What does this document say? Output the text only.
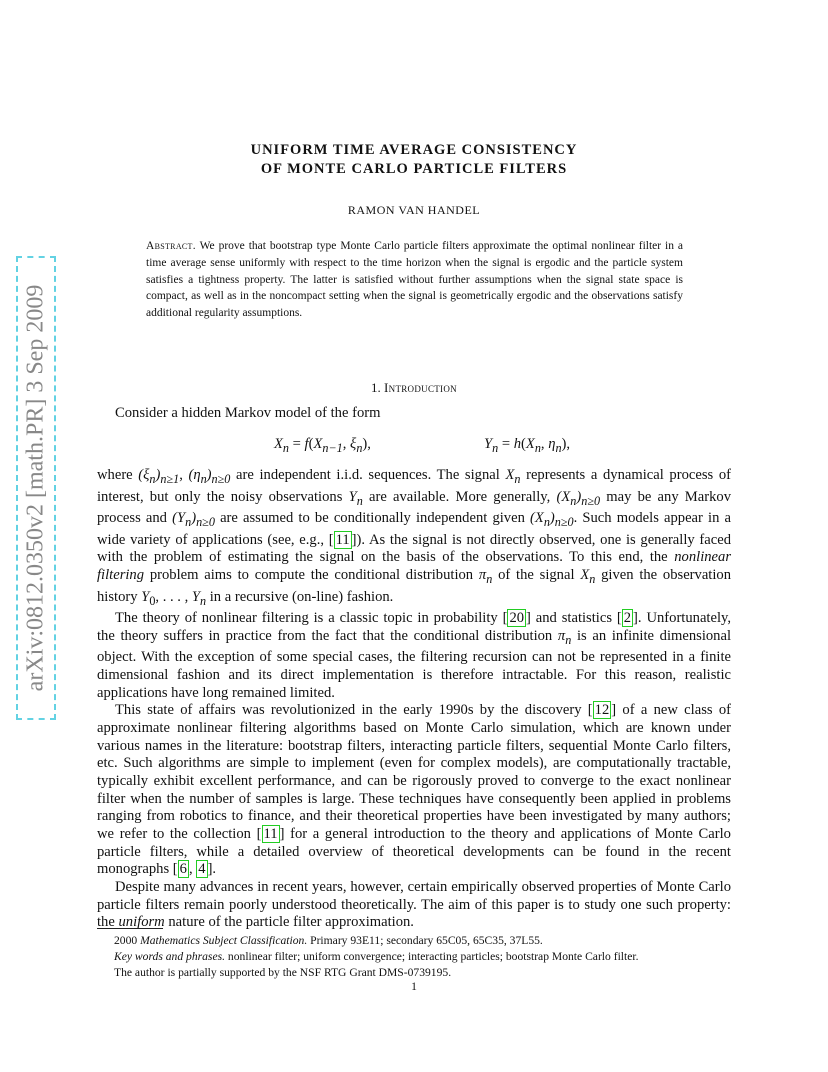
arXiv:0812.0350v2 [math.PR] 3 Sep 2009
UNIFORM TIME AVERAGE CONSISTENCY
OF MONTE CARLO PARTICLE FILTERS
RAMON VAN HANDEL
Abstract. We prove that bootstrap type Monte Carlo particle filters approximate the optimal nonlinear filter in a time average sense uniformly with respect to the time horizon when the signal is ergodic and the particle system satisfies a tightness property. The latter is satisfied without further assumptions when the signal state space is compact, as well as in the noncompact setting when the signal is geometrically ergodic and the observations satisfy additional regularity assumptions.
1. Introduction

Consider a hidden Markov model of the form

$X_n = f(X_{n-1}$, $\xi_n$),	$Y_n = h(X_n$, $\eta_n$),

where $(\xi_n)_{n\ge 1}$, $(\eta_n)_{n\ge 0}$ are independent i.i.d. sequences. The signal $X_n$ represents a dynamical process of interest, but only the noisy observations $Y_n$ are available. More generally, $(X_n)_{n\ge 0}$ may be any Markov process and $(Y_n)_{n\ge 0}$ are assumed to be conditionally independent given $(X_n)_{n\ge 0}$. Such models appear in a wide variety of applications (see, e.g., [ 11 ]). As the signal is not directly observed, one is generally faced with the problem of estimating the signal on the basis of the observations. To this end, the nonlinear filtering problem aims to compute the conditional distribution $\pi_n$ of the signal $X_n$ given the observation history $Y_0$, . . . , $Y_n$ in a recursive (on-line) fashion.

The theory of nonlinear filtering is a classic topic in probability [ 20 ] and statistics [ 2 ]. Unfortunately, the theory suffers in practice from the fact that the conditional distribution $\pi_n$ is an infinite dimensional object. With the exception of some special cases, the filtering recursion can not be represented in a finite dimensional fashion and its direct implementation is therefore intractable. For this reason, realistic applications have long remained limited.

This state of affairs was revolutionized in the early 1990s by the discovery [ 12 ] of a new class of approximate nonlinear filtering algorithms based on Monte Carlo simulation, which are known under various names in the literature: bootstrap filters, interacting particle filters, sequential Monte Carlo filters, etc. Such algorithms are simple to implement (even for complex models), are computationally tractable, typically exhibit excellent performance, and can be rigorously proved to converge to the exact nonlinear filter when the number of samples is large. These techniques have consequently been applied in problems ranging from robotics to finance, and their theoretical properties have been investigated by many authors; we refer to the collection [ 11 ] for a general introduction to the theory and applications of Monte Carlo particle filters, while a detailed overview of theoretical developments can be found in the recent monographs [ 6 , 4 ].

Despite many advances in recent years, however, certain empirically observed properties of Monte Carlo particle filters remain poorly understood theoretically. The aim of this paper is to study one such property: the uniform nature of the particle filter approximation.

2000 Mathematics Subject Classification. Primary 93E11; secondary 65C05, 65C35, 37L55.
Key words and phrases. nonlinear filter; uniform convergence; interacting particles; bootstrap Monte Carlo filter.
The author is partially supported by the NSF RTG Grant DMS-0739195.
1
